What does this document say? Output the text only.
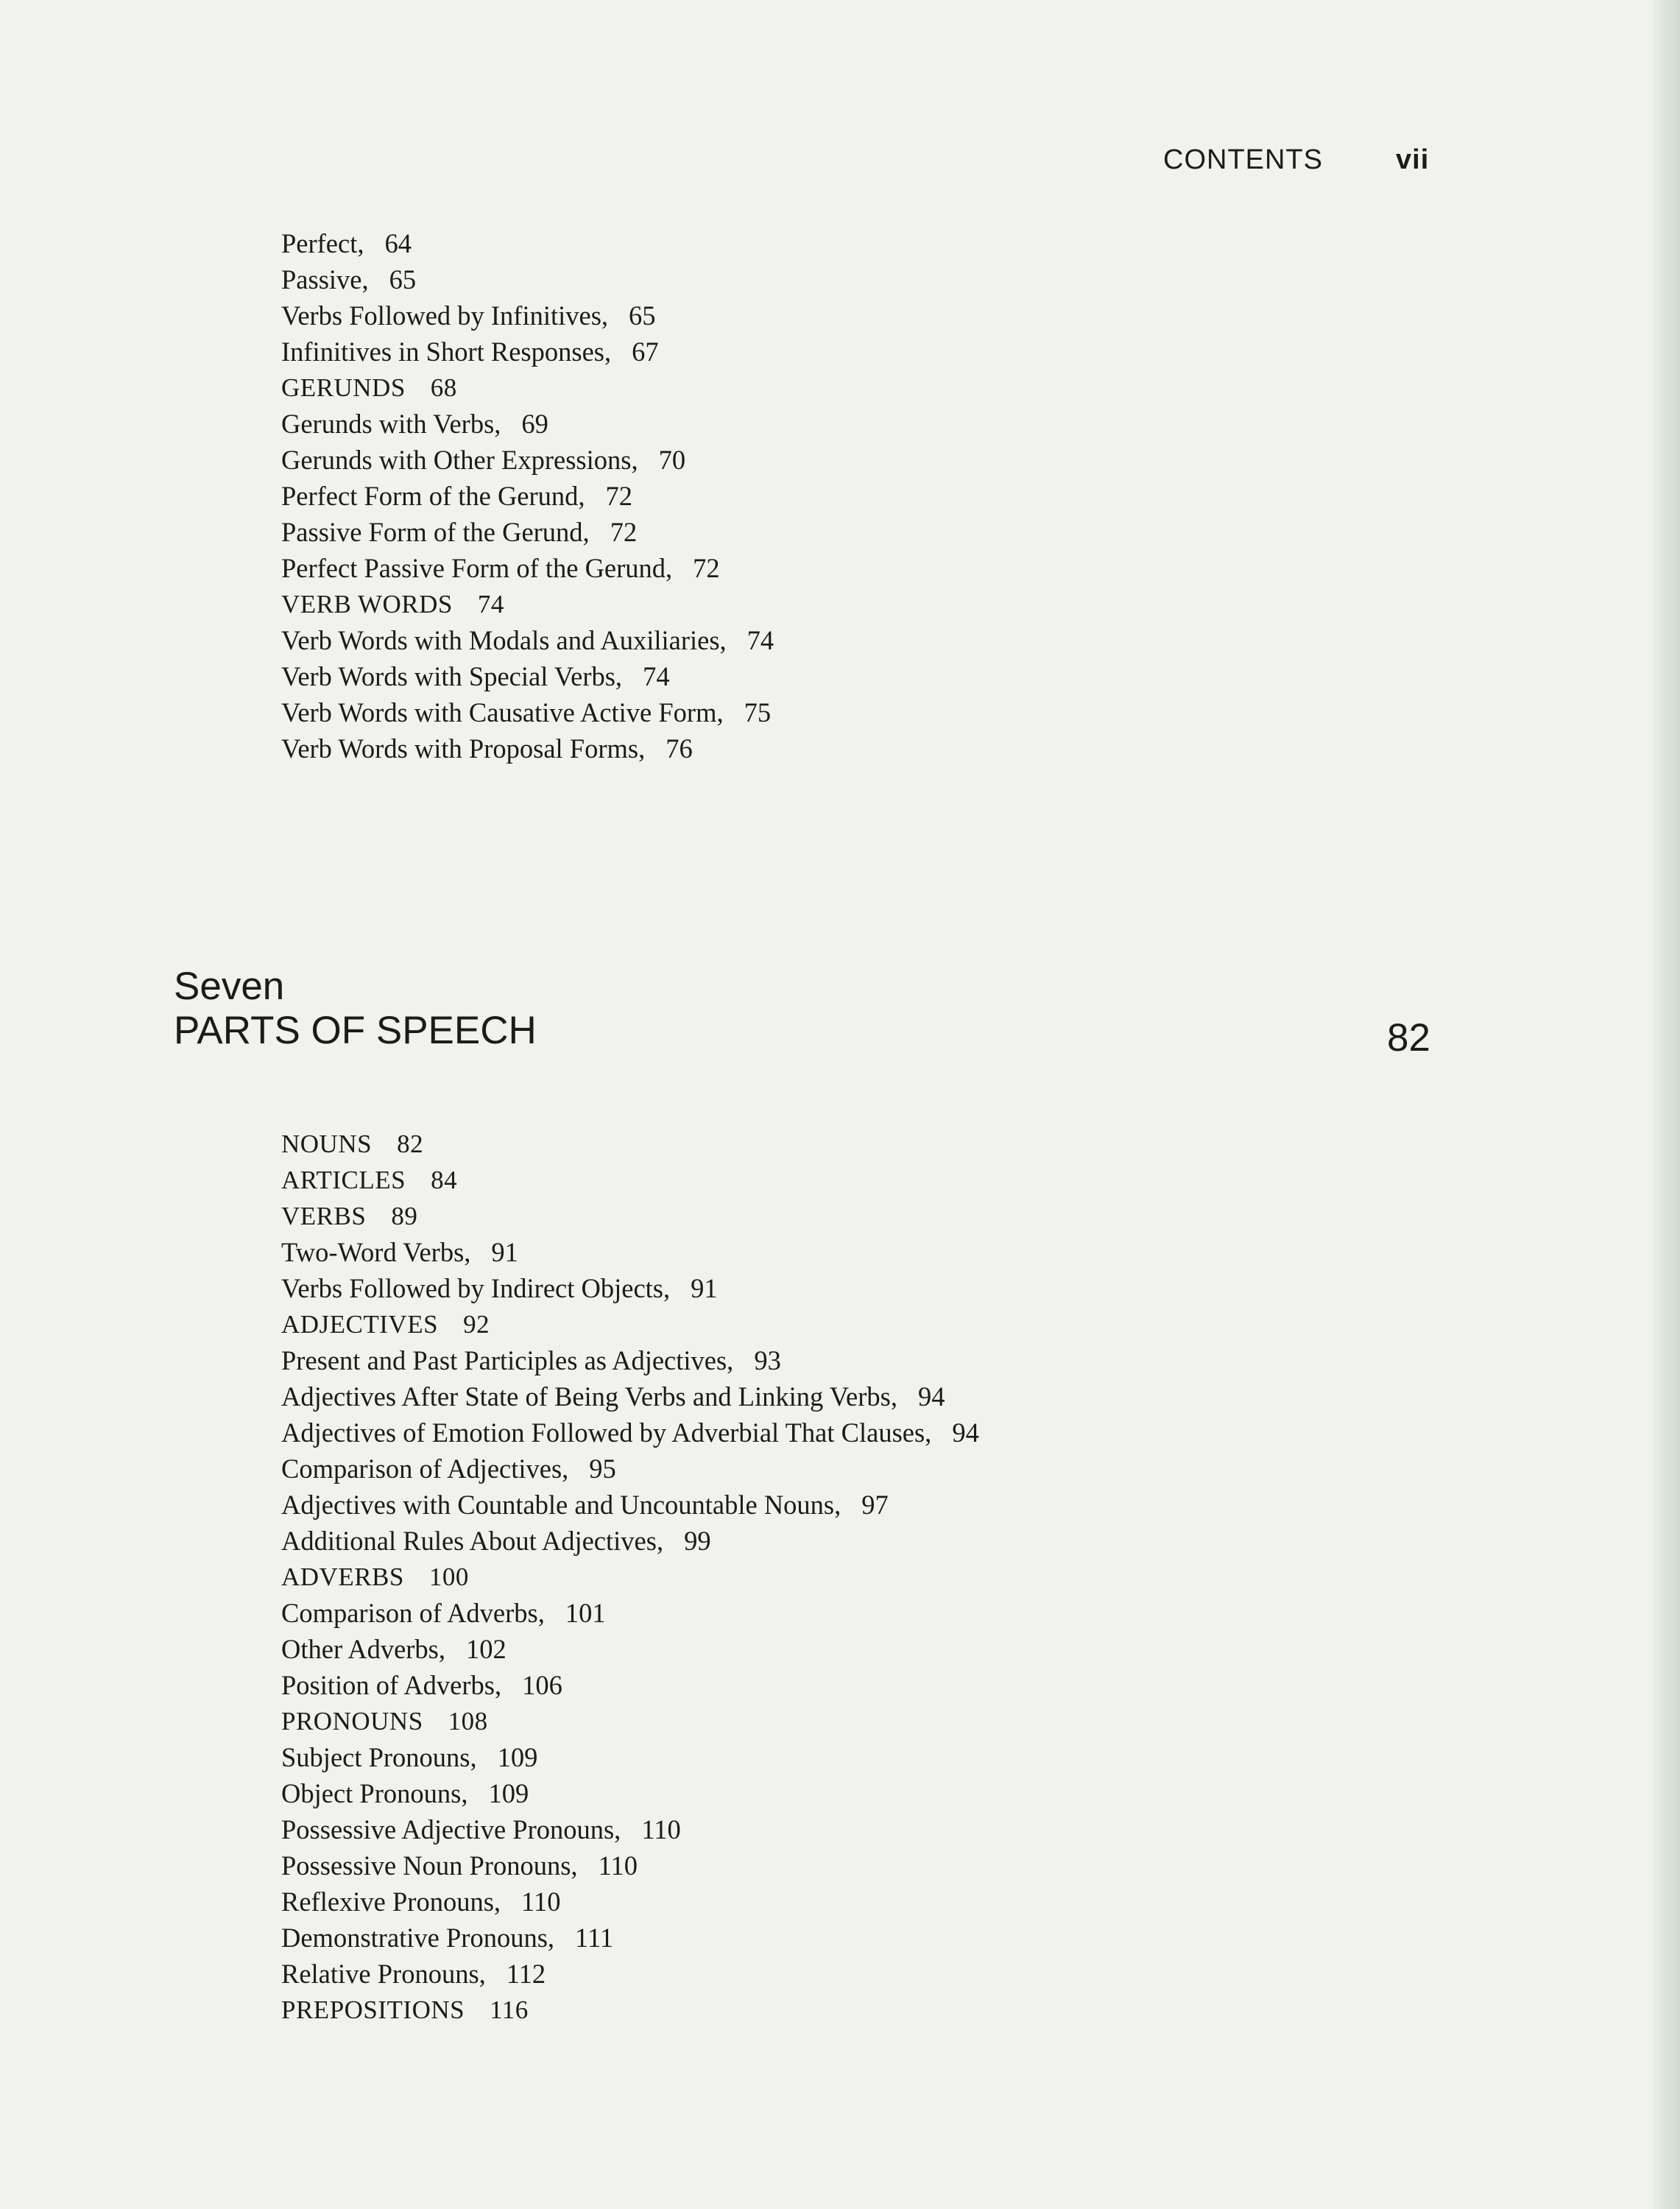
CONTENTS	vii
Perfect, 64
Passive, 65
Verbs Followed by Infinitives, 65
Infinitives in Short Responses, 67
GERUNDS 68
Gerunds with Verbs, 69
Gerunds with Other Expressions, 70
Perfect Form of the Gerund, 72
Passive Form of the Gerund, 72
Perfect Passive Form of the Gerund, 72
VERB WORDS 74
Verb Words with Modals and Auxiliaries, 74
Verb Words with Special Verbs, 74
Verb Words with Causative Active Form, 75
Verb Words with Proposal Forms, 76
Seven
PARTS OF SPEECH	82
NOUNS 82
ARTICLES 84
VERBS 89
Two-Word Verbs, 91
Verbs Followed by Indirect Objects, 91
ADJECTIVES 92
Present and Past Participles as Adjectives, 93
Adjectives After State of Being Verbs and Linking Verbs, 94
Adjectives of Emotion Followed by Adverbial That Clauses, 94
Comparison of Adjectives, 95
Adjectives with Countable and Uncountable Nouns, 97
Additional Rules About Adjectives, 99
ADVERBS 100
Comparison of Adverbs, 101
Other Adverbs, 102
Position of Adverbs, 106
PRONOUNS 108
Subject Pronouns, 109
Object Pronouns, 109
Possessive Adjective Pronouns, 110
Possessive Noun Pronouns, 110
Reflexive Pronouns, 110
Demonstrative Pronouns, 111
Relative Pronouns, 112
PREPOSITIONS 116
